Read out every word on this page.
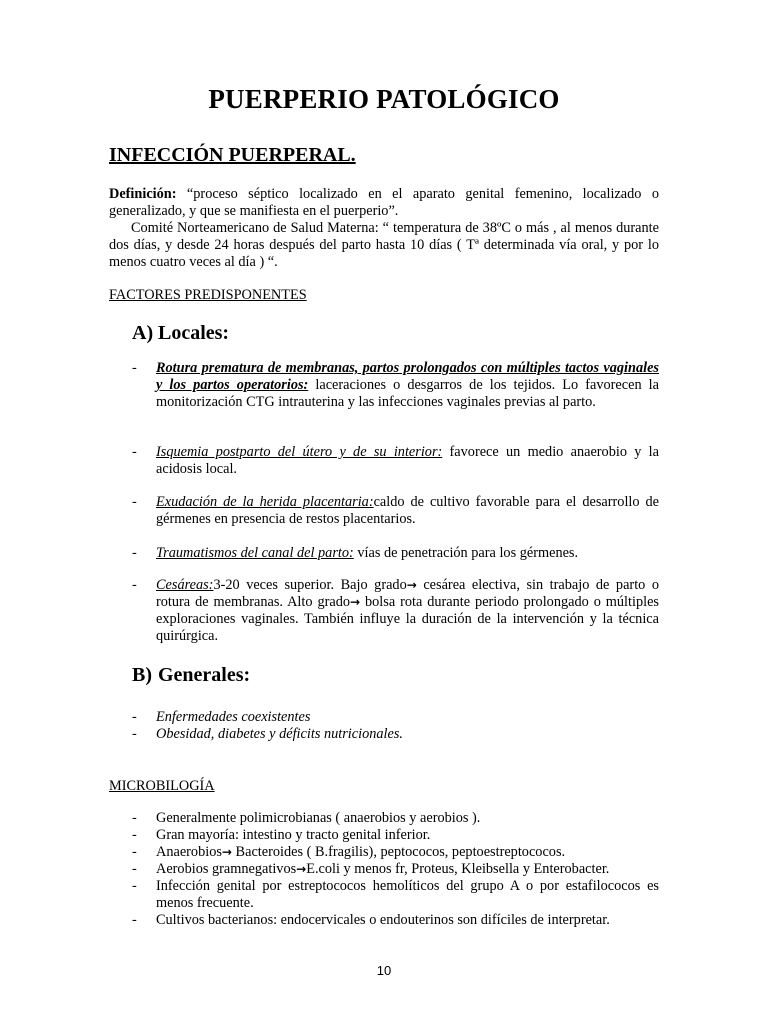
PUERPERIO PATOLÓGICO
INFECCIÓN PUERPERAL.
Definición: “proceso séptico localizado en el aparato genital femenino, localizado o generalizado, y que se manifiesta en el puerperio”.
Comité Norteamericano de Salud Materna: “ temperatura de 38ºC o más , al menos durante dos días, y desde 24 horas después del parto hasta 10 días ( Tª determinada vía oral, y por lo menos cuatro veces al día ) “.
FACTORES PREDISPONENTES
A) Locales:
- Rotura prematura de membranas, partos prolongados con múltiples tactos vaginales y los partos operatorios: laceraciones o desgarros de los tejidos. Lo favorecen la monitorización CTG intrauterina y las infecciones vaginales previas al parto.
- Isquemia postparto del útero y de su interior: favorece un medio anaerobio y la acidosis local.
- Exudación de la herida placentaria:caldo de cultivo favorable para el desarrollo de gérmenes en presencia de restos placentarios.
- Traumatismos del canal del parto: vías de penetración para los gérmenes.
- Cesáreas:3-20 veces superior. Bajo grado→ cesárea electiva, sin trabajo de parto o rotura de membranas. Alto grado→ bolsa rota durante periodo prolongado o múltiples exploraciones vaginales. También influye la duración de la intervención y la técnica quirúrgica.
B) Generales:
- Enfermedades coexistentes
- Obesidad, diabetes y déficits nutricionales.
MICROBILOGÍA
- Generalmente polimicrobianas ( anaerobios y aerobios ).
- Gran mayoría: intestino y tracto genital inferior.
- Anaerobios→ Bacteroides ( B.fragilis), peptococos, peptoestreptococos.
- Aerobios gramnegativos→E.coli y menos fr, Proteus, Kleibsella y Enterobacter.
- Infección genital por estreptococos hemolíticos del grupo A o por estafilococos es menos frecuente.
- Cultivos bacterianos: endocervicales o endouterinos son difíciles de interpretar.
10
